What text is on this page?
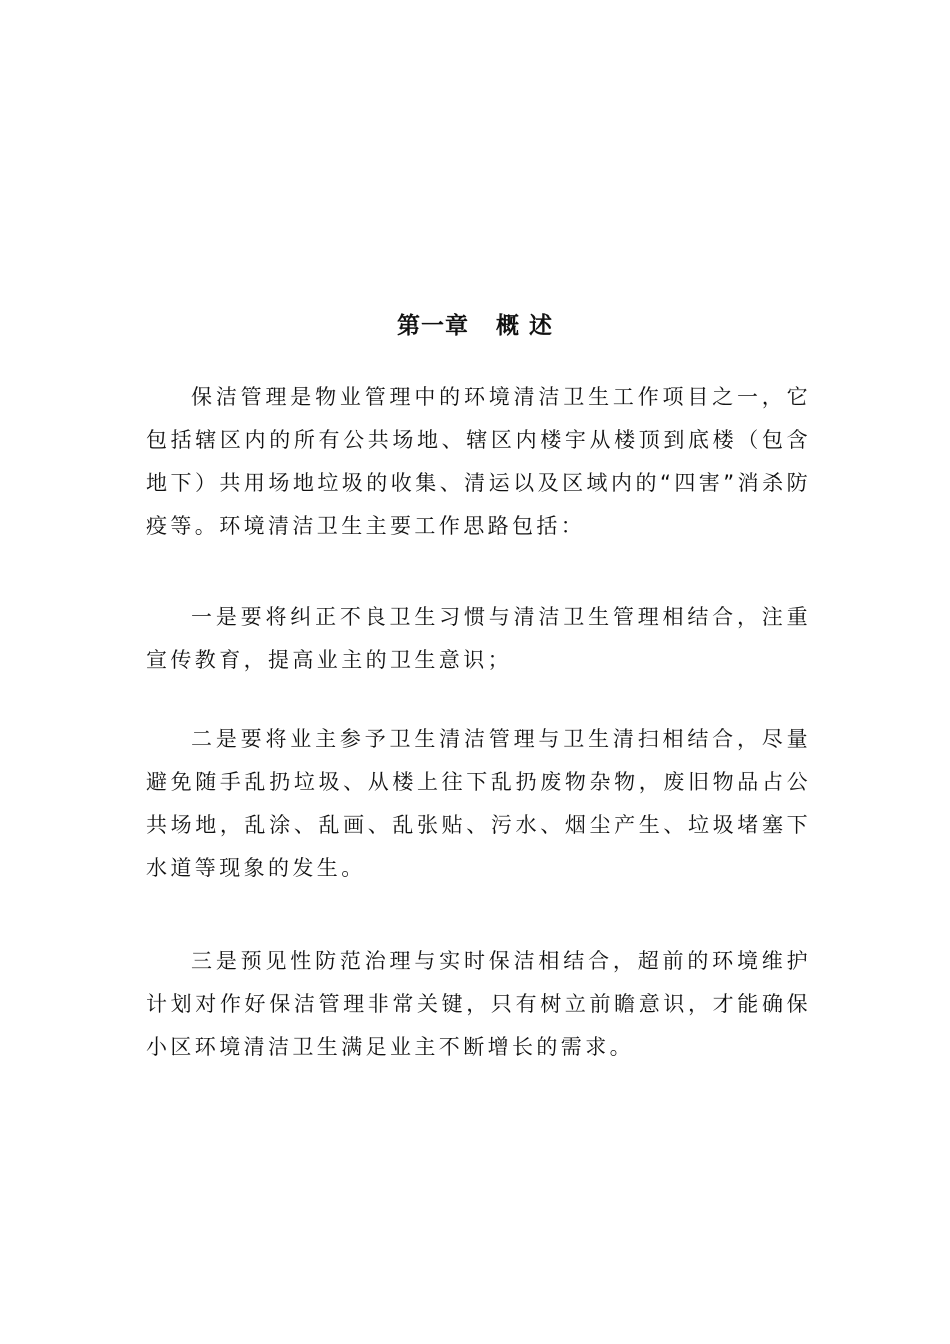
第一章   概 述

保洁管理是物业管理中的环境清洁卫生工作项目之一，它包括辖区内的所有公共场地、辖区内楼宇从楼顶到底楼（包含地下）共用场地垃圾的收集、清运以及区域内的“四害”消杀防疫等。环境清洁卫生主要工作思路包括：

一是要将纠正不良卫生习惯与清洁卫生管理相结合，注重宣传教育，提高业主的卫生意识；

二是要将业主参予卫生清洁管理与卫生清扫相结合，尽量避免随手乱扔垃圾、从楼上往下乱扔废物杂物，废旧物品占公共场地，乱涂、乱画、乱张贴、污水、烟尘产生、垃圾堵塞下水道等现象的发生。

三是预见性防范治理与实时保洁相结合，超前的环境维护计划对作好保洁管理非常关键，只有树立前瞻意识，才能确保小区环境清洁卫生满足业主不断增长的需求。
